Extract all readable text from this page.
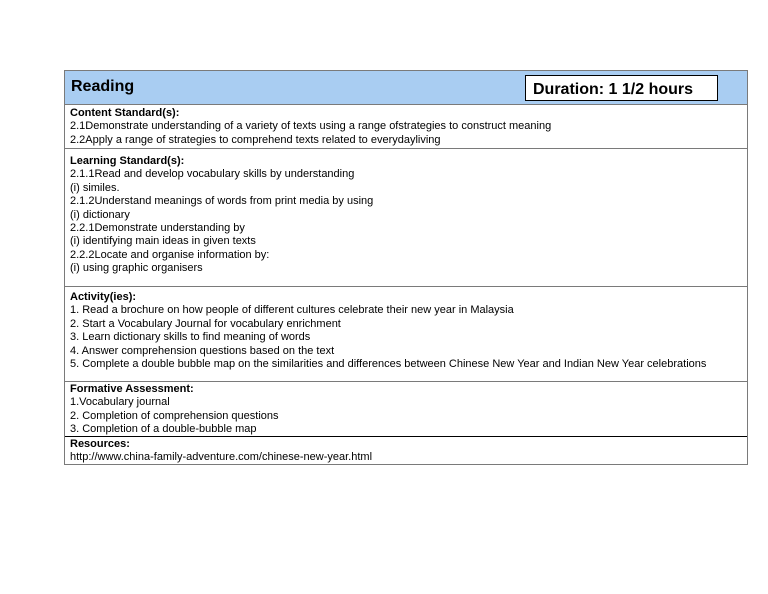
Reading	Duration: 1 1/2 hours
Content Standard(s):
2.1Demonstrate understanding of a variety of texts using a range ofstrategies to construct meaning
2.2Apply a range of strategies to comprehend texts related to everydayliving
Learning Standard(s):
2.1.1Read and develop vocabulary skills by understanding
(i) similes.
2.1.2Understand meanings of words from print media by using
(i) dictionary
2.2.1Demonstrate understanding by
(i) identifying main ideas in given texts
2.2.2Locate and organise information by:
(i) using graphic organisers
Activity(ies):
1. Read a brochure on how people of different cultures celebrate their new year in Malaysia
2. Start a Vocabulary Journal for vocabulary enrichment
3. Learn dictionary skills to find meaning of words
4. Answer comprehension questions based on the text
5. Complete a double bubble map on the similarities and differences between Chinese New Year and Indian New Year celebrations
Formative Assessment:
1.Vocabulary journal
2. Completion of comprehension questions
3. Completion of a double-bubble map
Resources:
http://www.china-family-adventure.com/chinese-new-year.html
